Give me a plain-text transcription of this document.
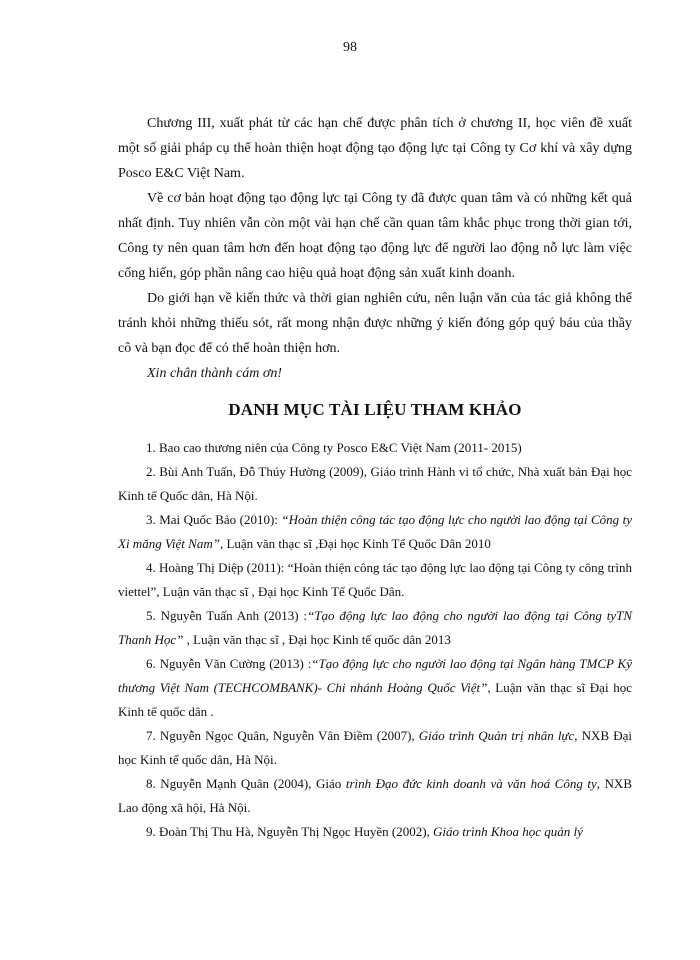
98

Chương III, xuất phát từ các hạn chế được phân tích ở chương II, học viên đề xuất một số giải pháp cụ thể hoàn thiện hoạt động tạo động lực tại Công ty Cơ khí và xây dựng Posco E&C Việt Nam.

Về cơ bản hoạt động tạo động lực tại Công ty đã được quan tâm và có những kết quả nhất định. Tuy nhiên vẫn còn một vài hạn chế cần quan tâm khắc phục trong thời gian tới, Công ty nên quan tâm hơn đến hoạt động tạo động lực để người lao động nỗ lực làm việc cống hiến, góp phần nâng cao hiệu quả hoạt động sản xuất kinh doanh.

Do giới hạn về kiến thức và thời gian nghiên cứu, nên luận văn của tác giả không thể tránh khỏi những thiếu sót, rất mong nhận được những ý kiến đóng góp quý báu của thầy cô và bạn đọc để có thể hoàn thiện hơn.

Xin chân thành cám ơn!

DANH MỤC TÀI LIỆU THAM KHẢO

1. Bao cao thương niên của Công ty Posco E&C Việt Nam (2011- 2015)

2. Bùi Anh Tuấn, Đỗ Thúy Hường (2009), Giáo trình Hành vi tổ chức, Nhà xuất bản Đại học Kinh tế Quốc dân, Hà Nội.

3. Mai Quốc Bảo (2010): “Hoàn thiện công tác tạo động lực cho người lao động tại Công ty Xi măng Việt Nam”, Luận văn thạc sĩ ,Đại học Kinh Tế Quốc Dân 2010

4. Hoàng Thị Diệp (2011): “Hoàn thiện công tác tạo động lực lao động tại Công ty công trình viettel”, Luận văn thạc sĩ , Đại học Kinh Tế Quốc Dân.

5. Nguyễn Tuấn Anh (2013) :“Tạo động lực lao động cho người lao động tại Công tyTN Thanh Học” , Luận văn thạc sĩ , Đại học Kinh tế quốc dân 2013

6. Nguyễn Văn Cường (2013) :“Tạo động lực cho người lao động tại Ngân hàng TMCP Kỹ thương Việt Nam (TECHCOMBANK)- Chi nhánh Hoàng Quốc Việt”, Luận văn thạc sĩ Đại học Kinh tế quốc dân .

7. Nguyễn Ngọc Quân, Nguyễn Vân Điềm (2007), Giáo trình Quản trị nhân lực, NXB Đại học Kinh tế quốc dân, Hà Nội.

8. Nguyễn Mạnh Quân (2004), Giáo trình Đạo đức kinh doanh và văn hoá Công ty, NXB Lao động xã hội, Hà Nội.

9. Đoàn Thị Thu Hà, Nguyễn Thị Ngọc Huyền (2002), Giáo trình Khoa học quản lý
